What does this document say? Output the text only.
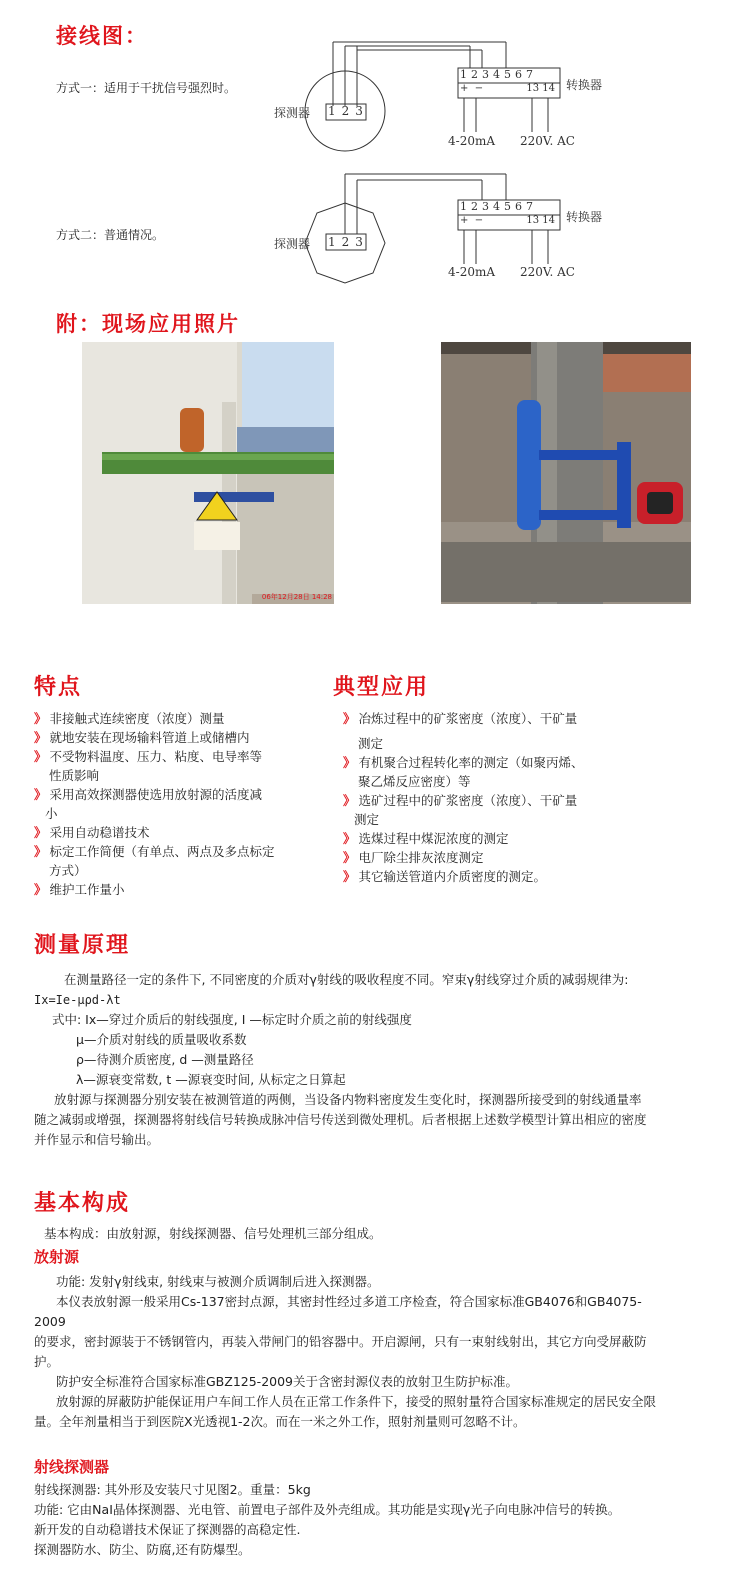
接线图：
方式一：适用于干扰信号强烈时。
方式二：普通情况。
探测器 123
1234567
+ −	13 14 转换器
4-20mA 220V. AC
探测器 123
1234567
+ −	13 14 转换器
4-20mA 220V. AC
附：现场应用照片
06年12月28日 14:28
特点
》 非接触式连续密度（浓度）测量
》 就地安装在现场输料管道上或储槽内
》 不受物料温度、压力、粘度、电导率等
性质影响
》 采用高效探测器使选用放射源的活度减
小
》 采用自动稳谱技术
》 标定工作简便（有单点、两点及多点标定
方式）
》 维护工作量小
典型应用
》 冶炼过程中的矿浆密度（浓度）、干矿量
测定
》 有机聚合过程转化率的测定（如聚丙烯、
聚乙烯反应密度）等
》 选矿过程中的矿浆密度（浓度）、干矿量
测定
》 选煤过程中煤泥浓度的测定
》 电厂除尘排灰浓度测定
》 其它输送管道内介质密度的测定。
测量原理
在测量路径一定的条件下, 不同密度的介质对γ射线的吸收程度不同。窄束γ射线穿过介质的减弱规律为:
Ix=Ie-μρd-λt
式中: Ix—穿过介质后的射线强度, I —标定时介质之前的射线强度
μ—介质对射线的质量吸收系数
ρ—待测介质密度, d —测量路径
λ—源衰变常数, t —源衰变时间, 从标定之日算起
放射源与探测器分别安装在被测管道的两侧，当设备内物料密度发生变化时，探测器所接受到的射线通量率
随之减弱或增强，探测器将射线信号转换成脉冲信号传送到微处理机。后者根据上述数学模型计算出相应的密度
并作显示和信号输出。
基本构成
基本构成：由放射源，射线探测器、信号处理机三部分组成。
放射源
功能: 发射γ射线束, 射线束与被测介质调制后进入探测器。
本仪表放射源一般采用Cs-137密封点源，其密封性经过多道工序检查，符合国家标准GB4076和GB4075-
2009
的要求，密封源装于不锈钢管内，再装入带闸门的铅容器中。开启源闸，只有一束射线射出，其它方向受屏蔽防
护。
防护安全标准符合国家标准GBZ125-2009关于含密封源仪表的放射卫生防护标准。
放射源的屏蔽防护能保证用户车间工作人员在正常工作条件下，接受的照射量符合国家标准规定的居民安全限
量。全年剂量相当于到医院X光透视1-2次。而在一米之外工作，照射剂量则可忽略不计。
射线探测器
射线探测器: 其外形及安装尺寸见图2。重量：5kg
功能: 它由NaI晶体探测器、光电管、前置电子部件及外壳组成。其功能是实现γ光子向电脉冲信号的转换。
新开发的自动稳谱技术保证了探测器的高稳定性.
探测器防水、防尘、防腐,还有防爆型。
